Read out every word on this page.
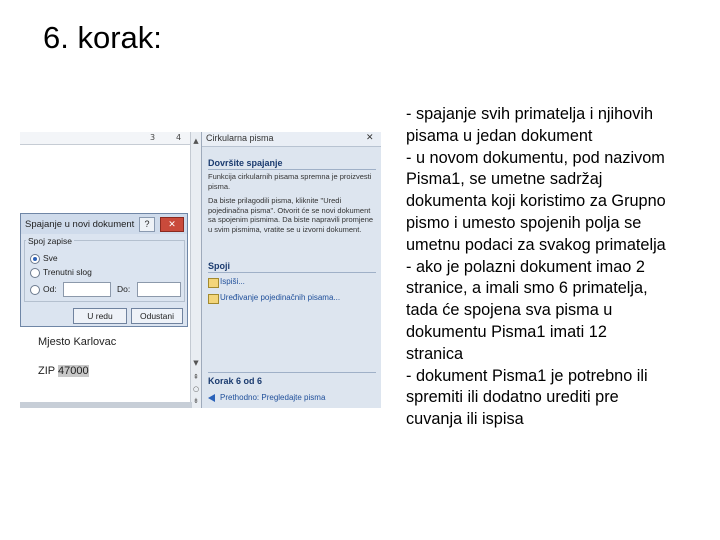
6. korak:
- spajanje svih primatelja i njihovih
pisama u jedan dokument
- u novom dokumentu, pod nazivom
Pisma1, se umetne sadržaj
dokumenta koji koristimo za Grupno
pismo i umesto spojenih polja se
umetnu podaci za svakog primatelja
- ako je polazni dokument imao 2
stranice, a imali smo 6 primatelja,
tada će spojena sva pisma u
dokumentu Pisma1 imati 12
stranica
- dokument Pisma1 je potrebno ili
spremiti ili dodatno urediti pre
cuvanja ili ispisa
Mjesto Karlovac
ZIP 47000
3	4	▲
▼
⇞
○
⇟
Cirkularna pisma	✕
Dovršite spajanje
Funkcija cirkularnih pisama spremna je proizvesti pisma.
Da biste prilagodili pisma, kliknite "Uredi pojedinačna pisma". Otvorit će se novi dokument sa spojenim pismima. Da biste napravili promjene u svim pismima, vratite se u izvorni dokument.
Spoji
Ispiši...
Uređivanje pojedinačnih pisama...
Korak 6 od 6
Prethodno: Pregledajte pisma
Spajanje u novi dokument	?	✕
Spoj zapise
Sve
Trenutni slog
Od:	Do:
U redu	Odustani
